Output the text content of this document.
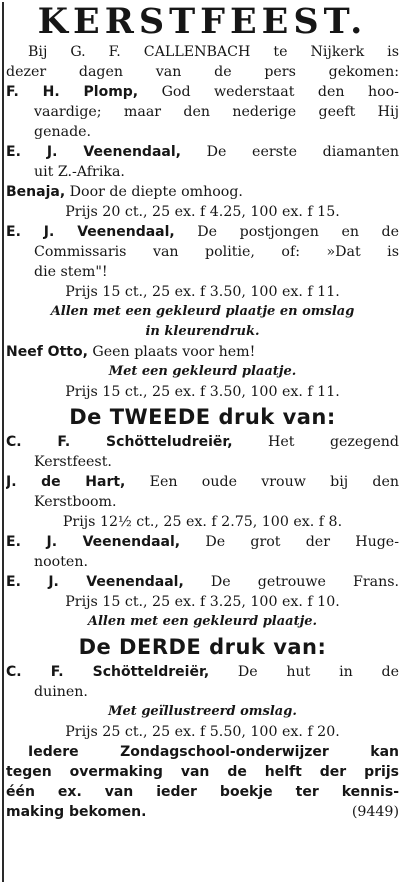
KERSTFEEST.
Bij G. F. CALLENBACH te Nijkerk is
dezer dagen van de pers gekomen:
F. H. Plomp, God wederstaat den hoo-
vaardige; maar den nederige geeft Hij
genade.
E. J. Veenendaal, De eerste diamanten
uit Z.-Afrika.
Benaja, Door de diepte omhoog.
Prijs 20 ct., 25 ex. f 4.25, 100 ex. f 15.
E. J. Veenendaal, De postjongen en de
Commissaris van politie, of: »Dat is
die stem"!
Prijs 15 ct., 25 ex. f 3.50, 100 ex. f 11.
Allen met een gekleurd plaatje en omslag
in kleurendruk.
Neef Otto, Geen plaats voor hem!
Met een gekleurd plaatje.
Prijs 15 ct., 25 ex. f 3.50, 100 ex. f 11.
De TWEEDE druk van:
C. F. Schötteludreiër, Het gezegend
Kerstfeest.
J. de Hart, Een oude vrouw bij den
Kerstboom.
Prijs 12½ ct., 25 ex. f 2.75, 100 ex. f 8.
E. J. Veenendaal, De grot der Huge-
nooten.
E. J. Veenendaal, De getrouwe Frans.
Prijs 15 ct., 25 ex. f 3.25, 100 ex. f 10.
Allen met een gekleurd plaatje.
De DERDE druk van:
C. F. Schötteldreiër, De hut in de
duinen.
Met geïllustreerd omslag.
Prijs 25 ct., 25 ex. f 5.50, 100 ex. f 20.
Iedere Zondagschool-onderwijzer kan
tegen overmaking van de helft der prijs
één ex. van ieder boekje ter kennis-
making bekomen.	(9449)
